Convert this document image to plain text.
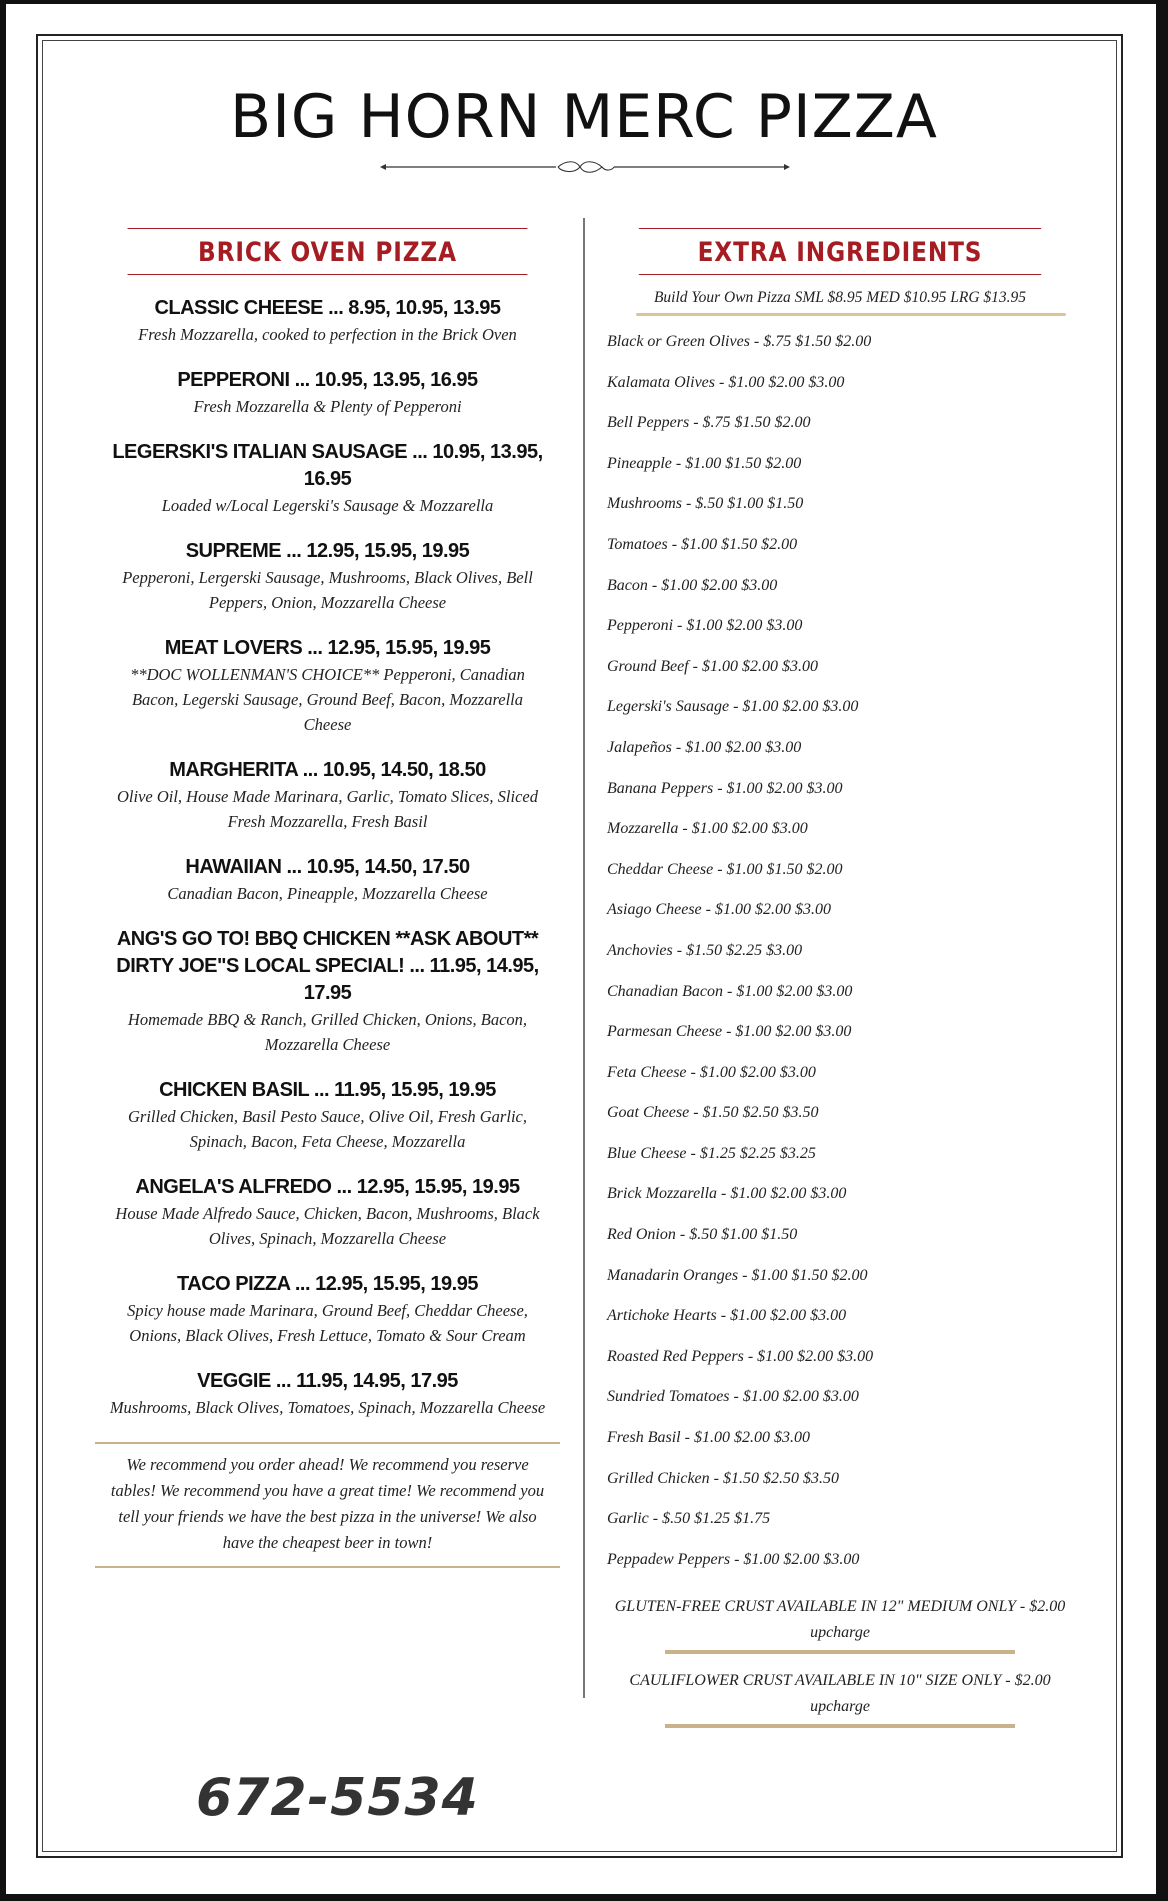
BIG HORN MERC PIZZA
BRICK OVEN PIZZA
CLASSIC CHEESE ... 8.95, 10.95, 13.95
Fresh Mozzarella, cooked to perfection in the Brick Oven
PEPPERONI ... 10.95, 13.95, 16.95
Fresh Mozzarella & Plenty of Pepperoni
LEGERSKI'S ITALIAN SAUSAGE ... 10.95, 13.95, 16.95
Loaded w/Local Legerski's Sausage & Mozzarella
SUPREME ... 12.95, 15.95, 19.95
Pepperoni, Lergerski Sausage, Mushrooms, Black Olives, Bell Peppers, Onion, Mozzarella Cheese
MEAT LOVERS ... 12.95, 15.95, 19.95
**DOC WOLLENMAN'S CHOICE** Pepperoni, Canadian Bacon, Legerski Sausage, Ground Beef, Bacon, Mozzarella Cheese
MARGHERITA ... 10.95, 14.50, 18.50
Olive Oil, House Made Marinara, Garlic, Tomato Slices, Sliced Fresh Mozzarella, Fresh Basil
HAWAIIAN ... 10.95, 14.50, 17.50
Canadian Bacon, Pineapple, Mozzarella Cheese
ANG'S GO TO! BBQ CHICKEN **ASK ABOUT** DIRTY JOE"S LOCAL SPECIAL! ... 11.95, 14.95, 17.95
Homemade BBQ & Ranch, Grilled Chicken, Onions, Bacon, Mozzarella Cheese
CHICKEN BASIL ... 11.95, 15.95, 19.95
Grilled Chicken, Basil Pesto Sauce, Olive Oil, Fresh Garlic, Spinach, Bacon, Feta Cheese, Mozzarella
ANGELA'S ALFREDO ... 12.95, 15.95, 19.95
House Made Alfredo Sauce, Chicken, Bacon, Mushrooms, Black Olives, Spinach, Mozzarella Cheese
TACO PIZZA ... 12.95, 15.95, 19.95
Spicy house made Marinara, Ground Beef, Cheddar Cheese, Onions, Black Olives, Fresh Lettuce, Tomato & Sour Cream
VEGGIE ... 11.95, 14.95, 17.95
Mushrooms, Black Olives, Tomatoes, Spinach, Mozzarella Cheese
We recommend you order ahead! We recommend you reserve tables! We recommend you have a great time! We recommend you tell your friends we have the best pizza in the universe! We also have the cheapest beer in town!
EXTRA INGREDIENTS
Build Your Own Pizza SML $8.95 MED $10.95 LRG $13.95
Black or Green Olives - $.75 $1.50 $2.00
Kalamata Olives - $1.00 $2.00 $3.00
Bell Peppers - $.75 $1.50 $2.00
Pineapple - $1.00 $1.50 $2.00
Mushrooms - $.50 $1.00 $1.50
Tomatoes - $1.00 $1.50 $2.00
Bacon - $1.00 $2.00 $3.00
Pepperoni - $1.00 $2.00 $3.00
Ground Beef - $1.00 $2.00 $3.00
Legerski's Sausage - $1.00 $2.00 $3.00
Jalapeños - $1.00 $2.00 $3.00
Banana Peppers - $1.00 $2.00 $3.00
Mozzarella - $1.00 $2.00 $3.00
Cheddar Cheese - $1.00 $1.50 $2.00
Asiago Cheese - $1.00 $2.00 $3.00
Anchovies - $1.50 $2.25 $3.00
Chanadian Bacon - $1.00 $2.00 $3.00
Parmesan Cheese - $1.00 $2.00 $3.00
Feta Cheese - $1.00 $2.00 $3.00
Goat Cheese - $1.50 $2.50 $3.50
Blue Cheese - $1.25 $2.25 $3.25
Brick Mozzarella - $1.00 $2.00 $3.00
Red Onion - $.50 $1.00 $1.50
Manadarin Oranges - $1.00 $1.50 $2.00
Artichoke Hearts - $1.00 $2.00 $3.00
Roasted Red Peppers - $1.00 $2.00 $3.00
Sundried Tomatoes - $1.00 $2.00 $3.00
Fresh Basil - $1.00 $2.00 $3.00
Grilled Chicken - $1.50 $2.50 $3.50
Garlic - $.50 $1.25 $1.75
Peppadew Peppers - $1.00 $2.00 $3.00
GLUTEN-FREE CRUST AVAILABLE IN 12" MEDIUM ONLY - $2.00 upcharge
CAULIFLOWER CRUST AVAILABLE IN 10" SIZE ONLY - $2.00 upcharge
672-5534
